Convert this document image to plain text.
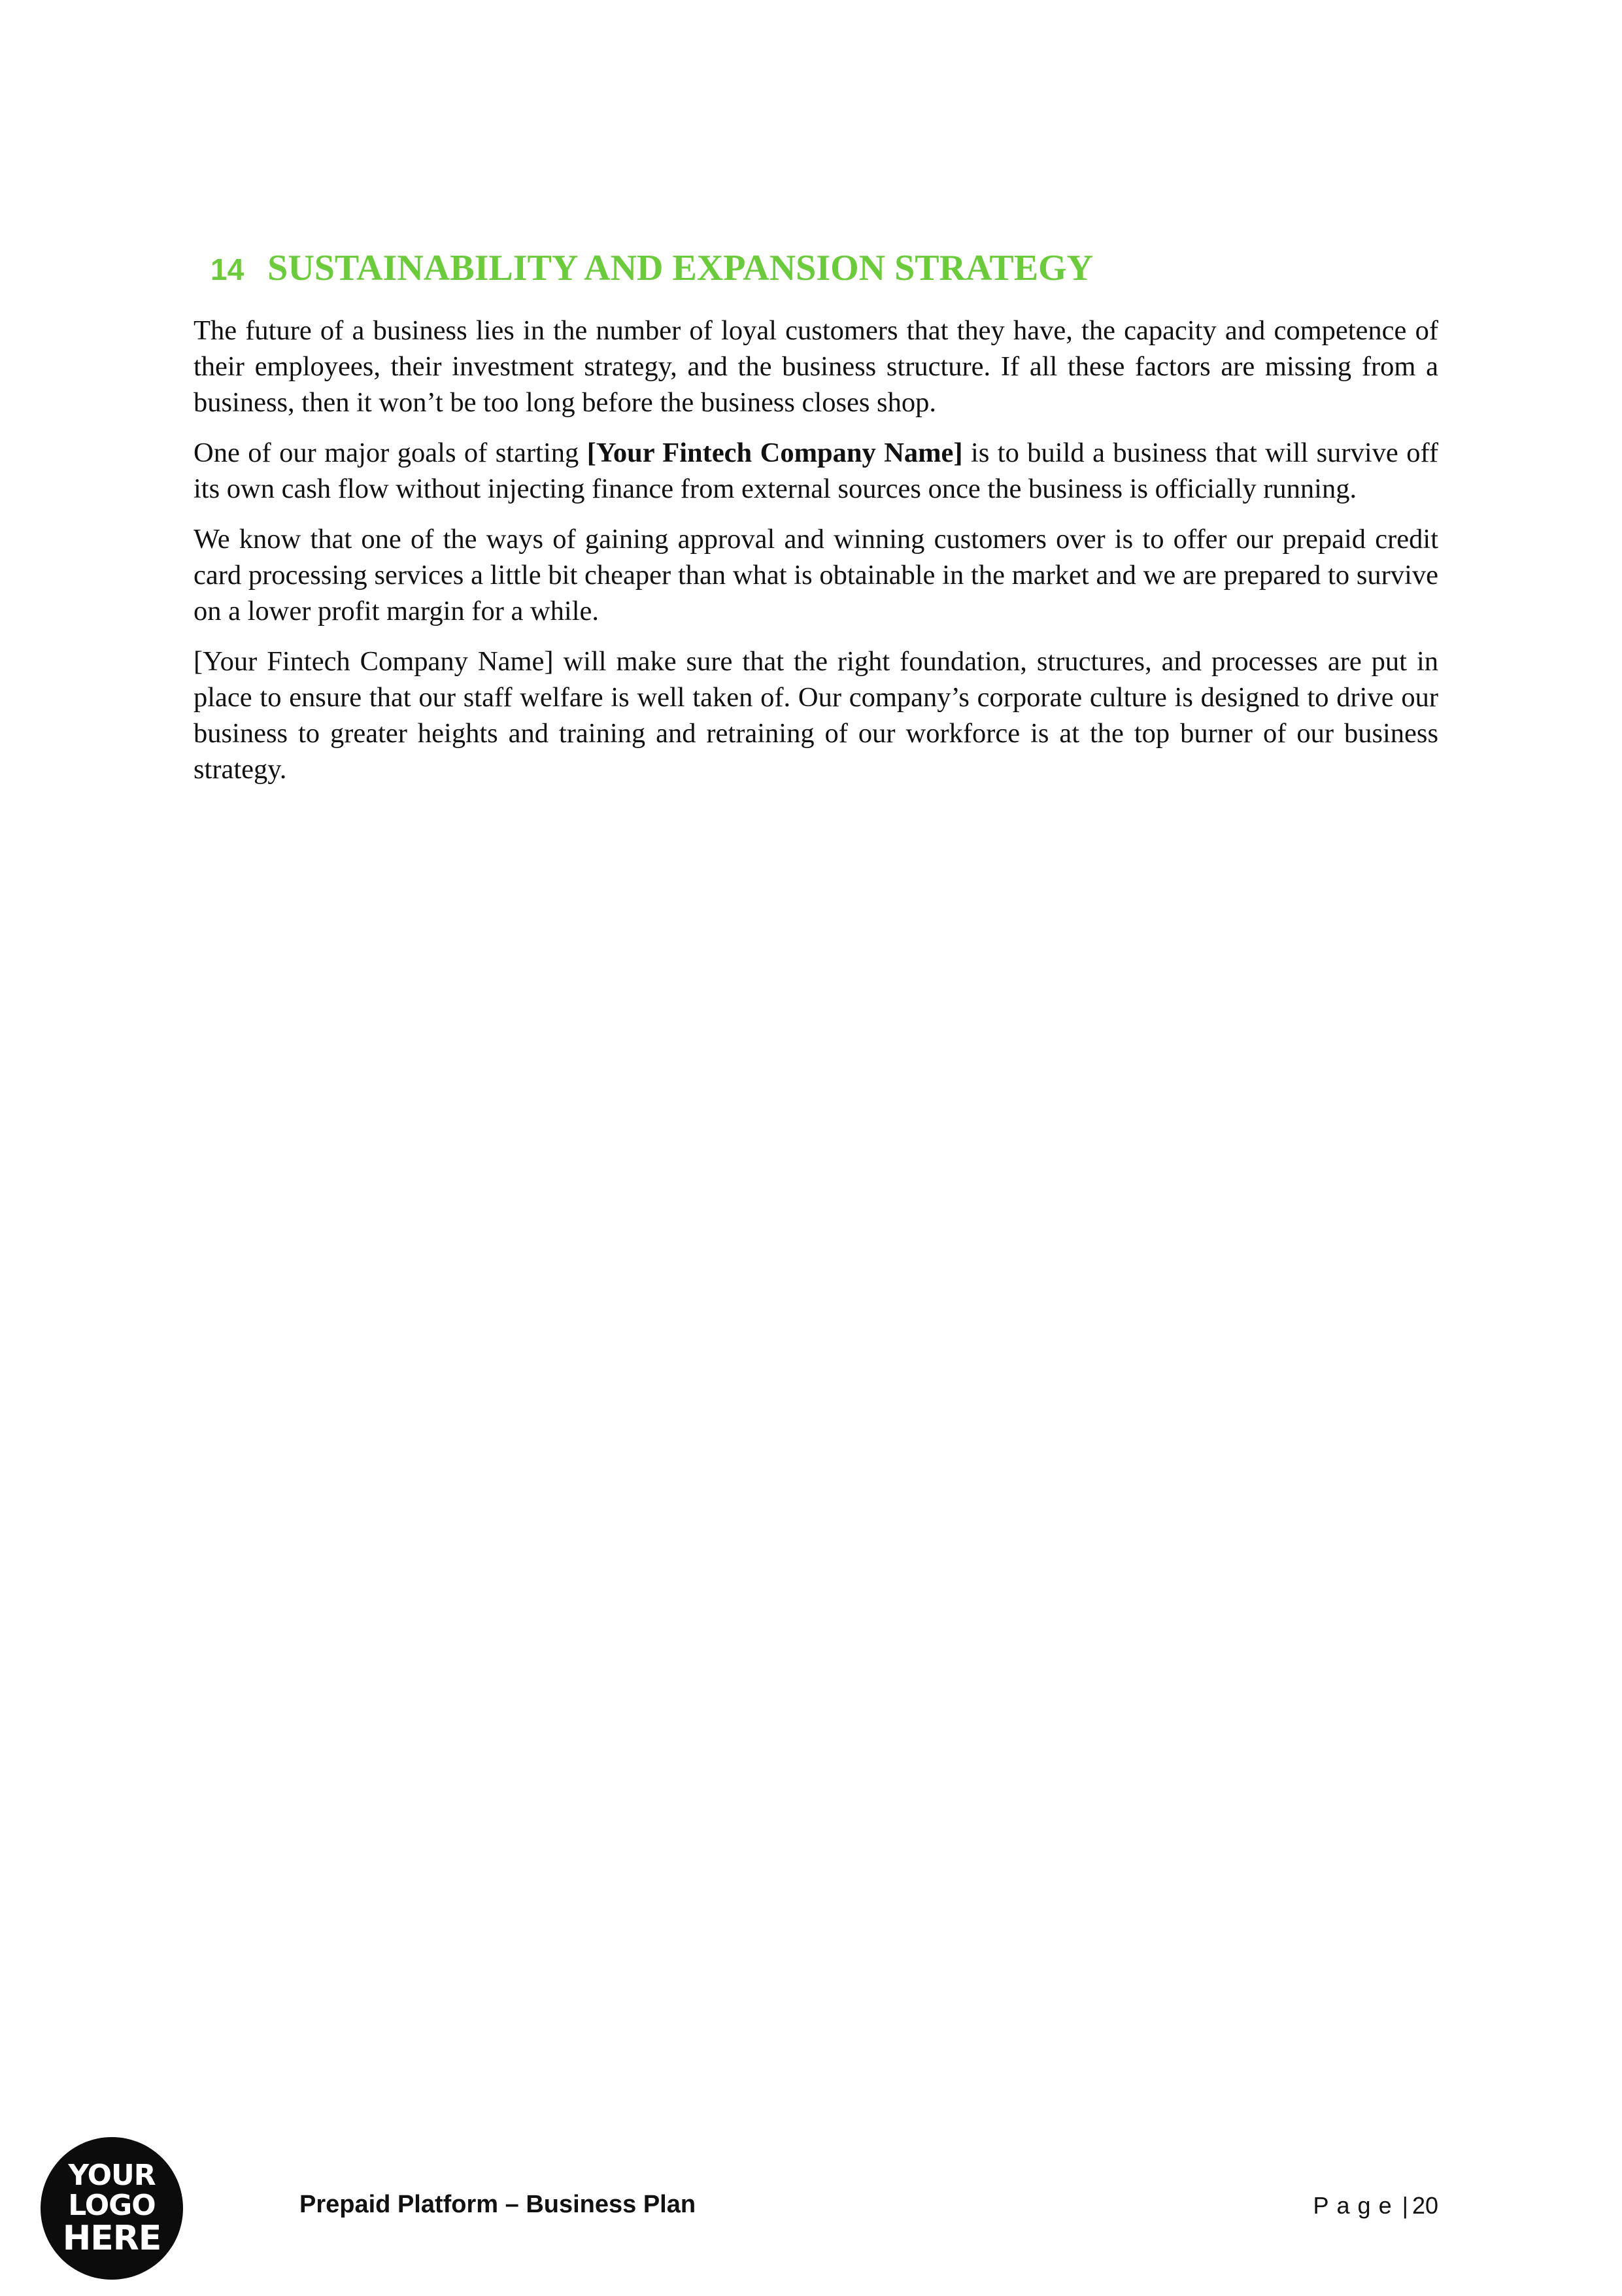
14 SUSTAINABILITY AND EXPANSION STRATEGY

The future of a business lies in the number of loyal customers that they have, the capacity and competence of their employees, their investment strategy, and the business structure. If all these factors are missing from a business, then it won’t be too long before the business closes shop.

One of our major goals of starting [Your Fintech Company Name] is to build a business that will survive off its own cash flow without injecting finance from external sources once the business is officially running.

We know that one of the ways of gaining approval and winning customers over is to offer our prepaid credit card processing services a little bit cheaper than what is obtainable in the market and we are prepared to survive on a lower profit margin for a while.

[Your Fintech Company Name] will make sure that the right foundation, structures, and processes are put in place to ensure that our staff welfare is well taken of. Our company’s corporate culture is designed to drive our business to greater heights and training and retraining of our workforce is at the top burner of our business strategy.

YOUR
LOGO
HERE
Prepaid Platform – Business Plan	Page | 20
